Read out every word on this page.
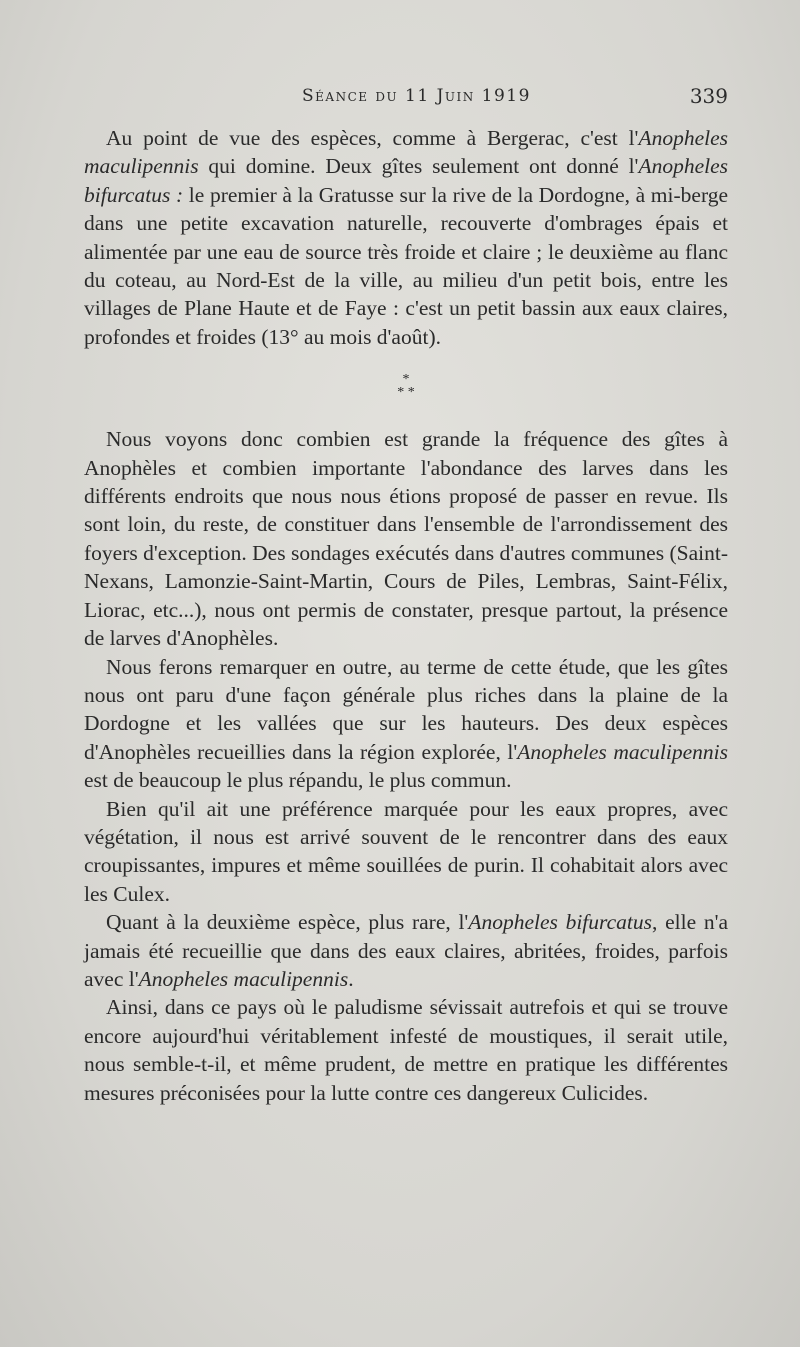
Séance du 11 Juin 1919	339

Au point de vue des espèces, comme à Bergerac, c'est l'Anopheles maculipennis qui domine. Deux gîtes seulement ont donné l'Anopheles bifurcatus : le premier à la Gratusse sur la rive de la Dordogne, à mi-berge dans une petite excavation naturelle, recouverte d'ombrages épais et alimentée par une eau de source très froide et claire ; le deuxième au flanc du coteau, au Nord-Est de la ville, au milieu d'un petit bois, entre les villages de Plane Haute et de Faye : c'est un petit bassin aux eaux claires, profondes et froides (13° au mois d'août).

*
* *

Nous voyons donc combien est grande la fréquence des gîtes à Anophèles et combien importante l'abondance des larves dans les différents endroits que nous nous étions proposé de passer en revue. Ils sont loin, du reste, de constituer dans l'ensemble de l'arrondissement des foyers d'exception. Des sondages exécutés dans d'autres communes (Saint-Nexans, Lamonzie-Saint-Martin, Cours de Piles, Lembras, Saint-Félix, Liorac, etc...), nous ont permis de constater, presque partout, la présence de larves d'Anophèles.

Nous ferons remarquer en outre, au terme de cette étude, que les gîtes nous ont paru d'une façon générale plus riches dans la plaine de la Dordogne et les vallées que sur les hauteurs. Des deux espèces d'Anophèles recueillies dans la région explorée, l'Anopheles maculipennis est de beaucoup le plus répandu, le plus commun.

Bien qu'il ait une préférence marquée pour les eaux propres, avec végétation, il nous est arrivé souvent de le rencontrer dans des eaux croupissantes, impures et même souillées de purin. Il cohabitait alors avec les Culex.

Quant à la deuxième espèce, plus rare, l'Anopheles bifurcatus, elle n'a jamais été recueillie que dans des eaux claires, abritées, froides, parfois avec l'Anopheles maculipennis.

Ainsi, dans ce pays où le paludisme sévissait autrefois et qui se trouve encore aujourd'hui véritablement infesté de moustiques, il serait utile, nous semble-t-il, et même prudent, de mettre en pratique les différentes mesures préconisées pour la lutte contre ces dangereux Culicides.
